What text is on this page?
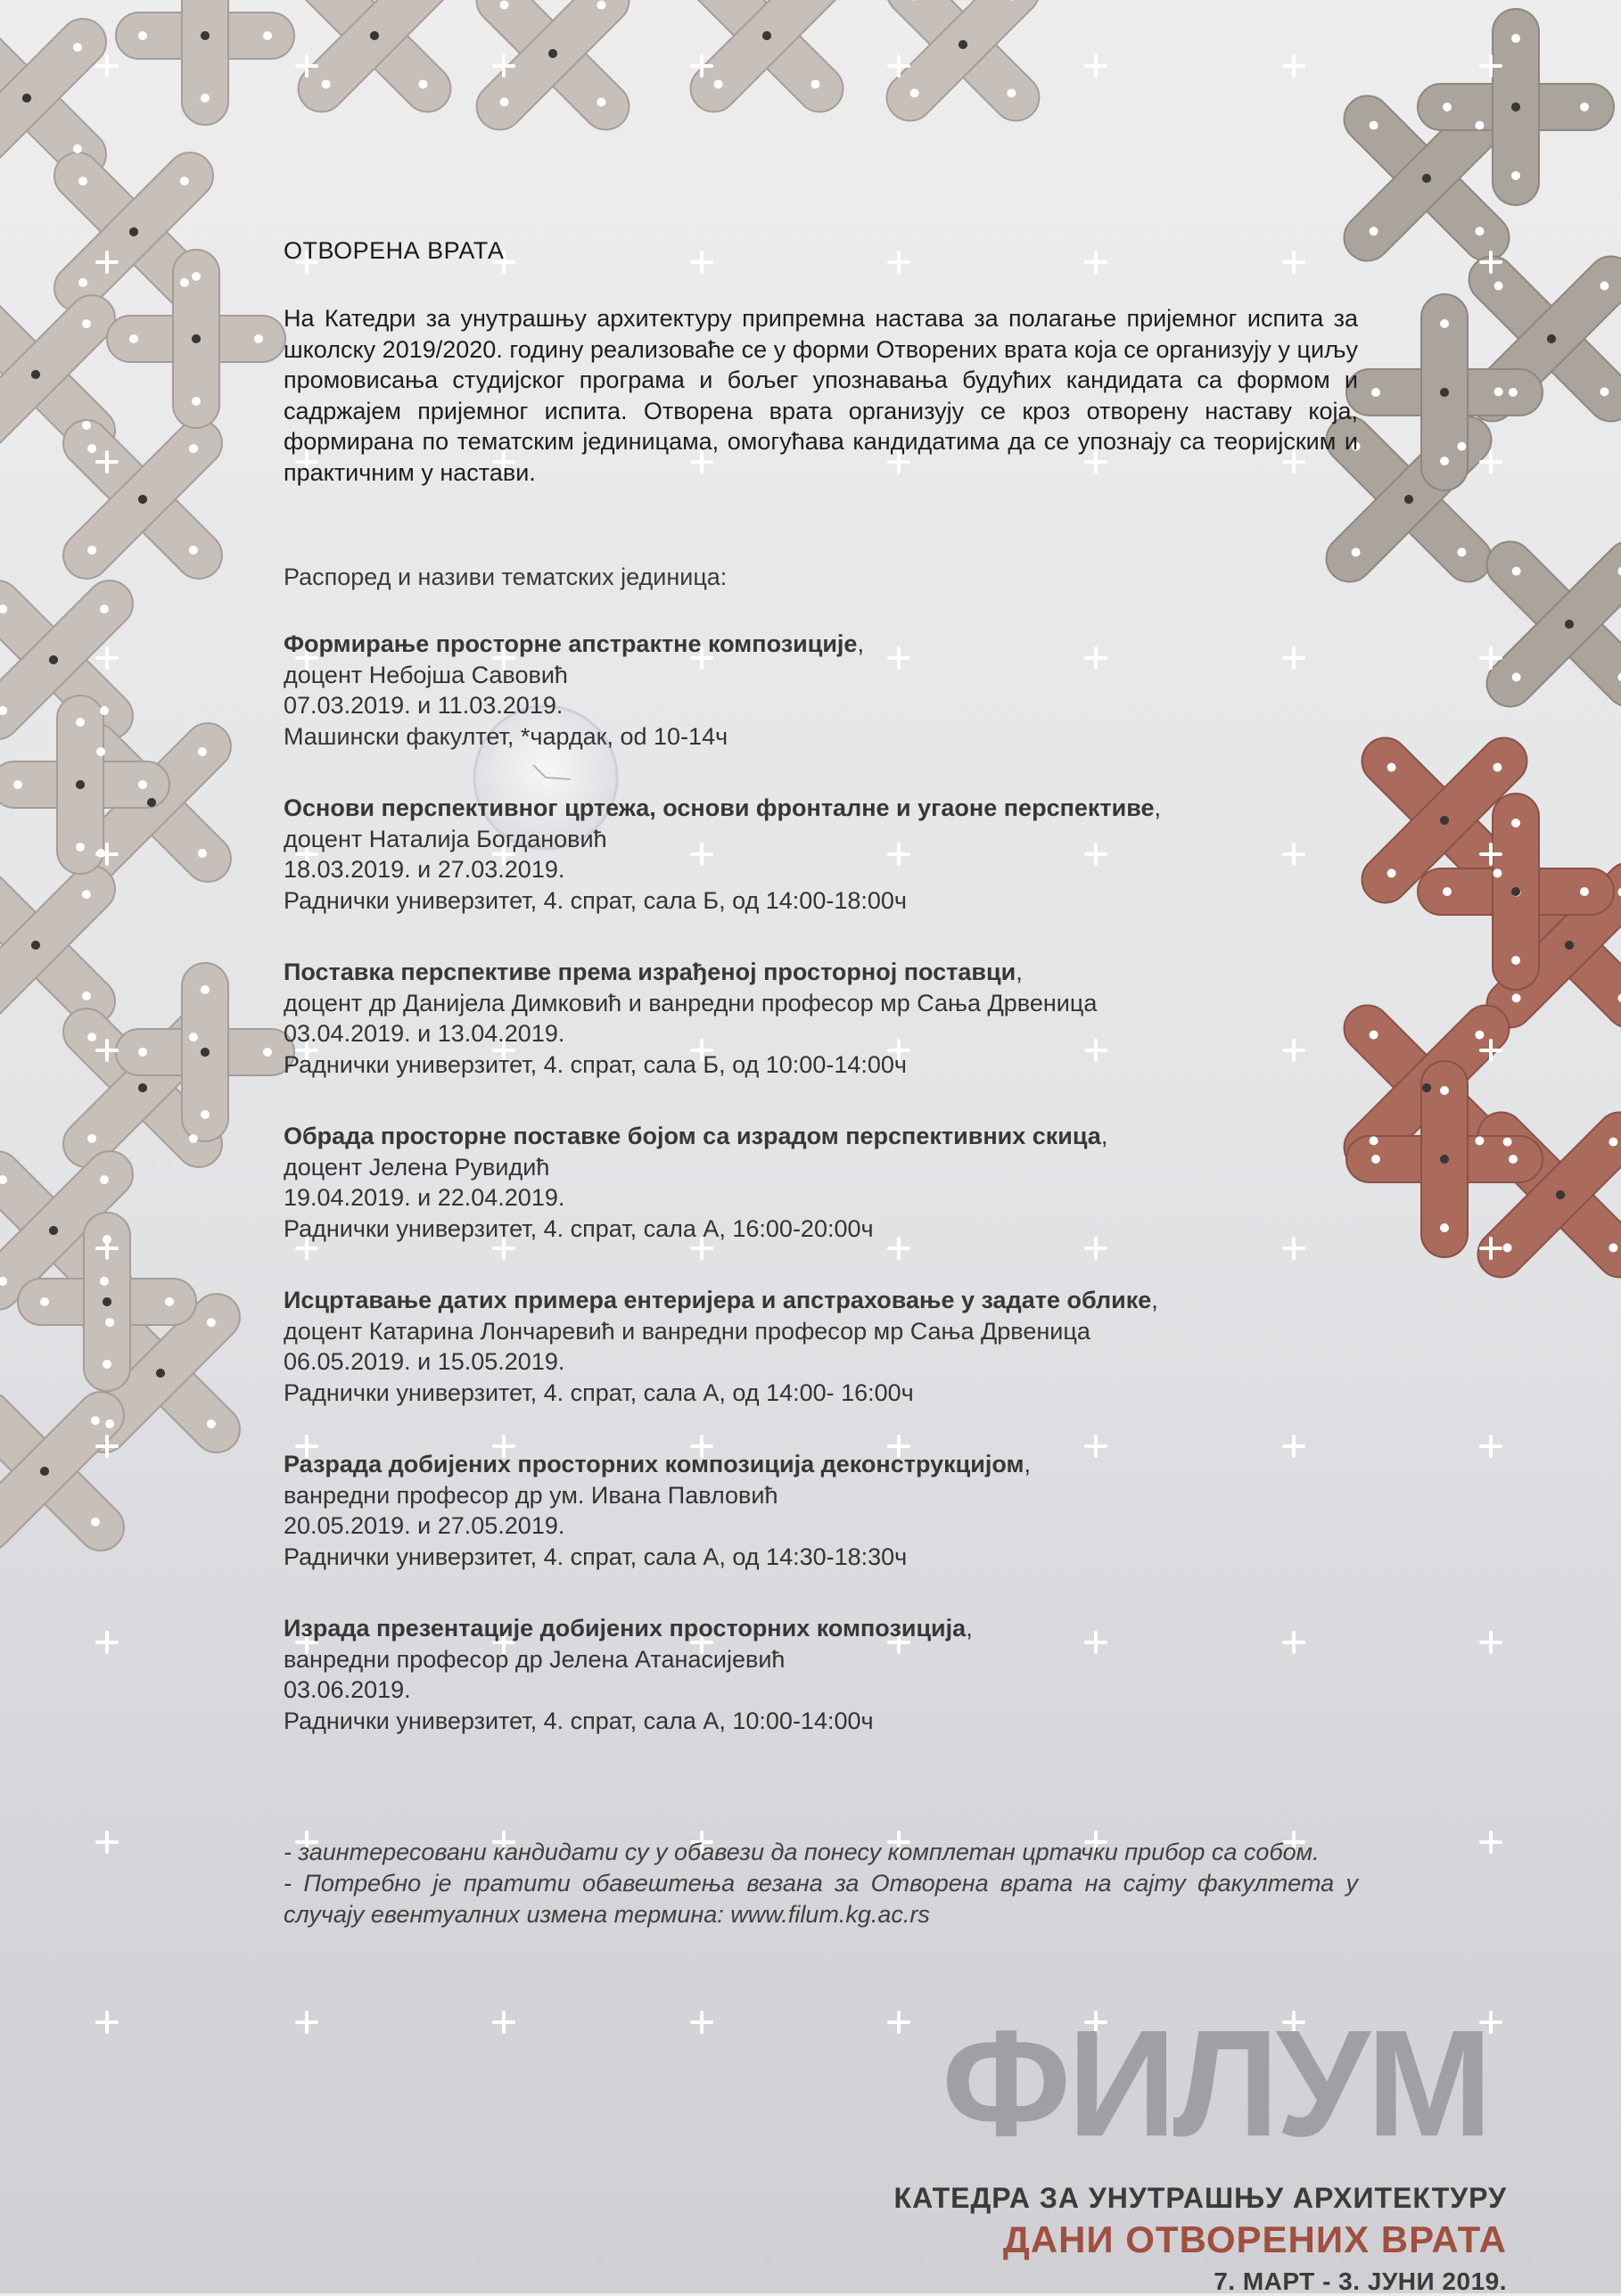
ОТВОРЕНА ВРАТА
На Катедри за унутрашњу архитектуру припремна настава за полагање пријемног испита за школску 2019/2020. годину реализоваће се у форми Отворених врата која се организују у циљу промовисања студијског програма и бољег упознавања будућих кандидата са формом и садржајем пријемног испита. Отворена врата организују се кроз отворену наставу која, формирана по тематским јединицама, омогућава кандидатима да се упознају са теоријским и практичним у настави.
Распоред и називи тематских јединица:
Формирање просторне апстрактне композиције,
доцент Небојша Савовић
07.03.2019. и 11.03.2019.
Машински факултет, *чардак, od 10-14ч
Основи перспективног цртежа, основи фронталне и угаоне перспективе,
доцент Наталија Богдановић
18.03.2019. и 27.03.2019.
Раднички универзитет, 4. спрат, сала Б, од 14:00-18:00ч
Поставка перспективе према израђеној просторној поставци,
доцент др Данијела Димковић и ванредни професор мр Сања Дрвеница
03.04.2019. и 13.04.2019.
Раднички универзитет, 4. спрат, сала Б, од 10:00-14:00ч
Обрада просторне поставке бојом са израдом перспективних скица,
доцент Јелена Рувидић
19.04.2019. и 22.04.2019.
Раднички универзитет, 4. спрат, сала А, 16:00-20:00ч
Исцртавање датих примера ентеријера и апстраховање у задате облике,
доцент Катарина Лончаревић и ванредни професор мр Сања Дрвеница
06.05.2019. и 15.05.2019.
Раднички универзитет, 4. спрат, сала А, од 14:00- 16:00ч
Разрада добијених просторних композиција деконструкцијом,
ванредни професор др ум. Ивана Павловић
20.05.2019. и 27.05.2019.
Раднички универзитет, 4. спрат, сала А, од 14:30-18:30ч
Израда презентације добијених просторних композиција,
ванредни професор др Јелена Атанасијевић
03.06.2019.
Раднички универзитет, 4. спрат, сала А, 10:00-14:00ч
- заинтересовани кандидати су у обавези да понесу комплетан цртачки прибор са собом.
- Потребно је пратити обавештења везана за Отворена врата на сајту факултета у случају евентуалних измена термина: www.filum.kg.ac.rs
ФИЛУМ
КАТЕДРА ЗА УНУТРАШЊУ АРХИТЕКТУРУ
ДАНИ ОТВОРЕНИХ ВРАТА
7. МАРТ - 3. ЈУНИ 2019.
